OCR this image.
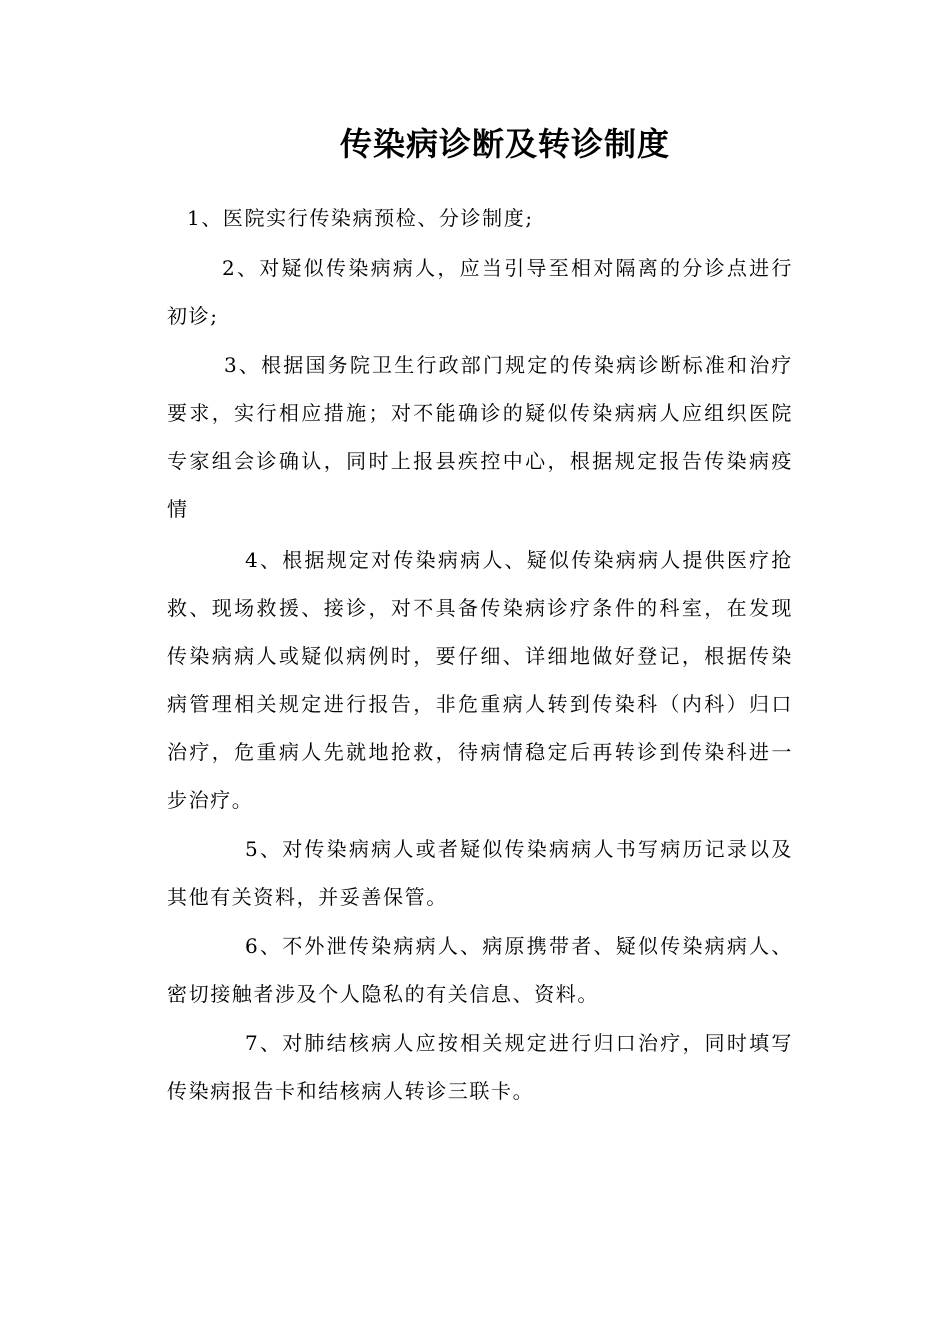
传染病诊断及转诊制度

1、医院实行传染病预检、分诊制度;

2、对疑似传染病病人，应当引导至相对隔离的分诊点进行初诊;

3、根据国务院卫生行政部门规定的传染病诊断标准和治疗要求，实行相应措施；对不能确诊的疑似传染病病人应组织医院专家组会诊确认，同时上报县疾控中心，根据规定报告传染病疫情

4、根据规定对传染病病人、疑似传染病病人提供医疗抢救、现场救援、接诊，对不具备传染病诊疗条件的科室，在发现传染病病人或疑似病例时，要仔细、详细地做好登记，根据传染病管理相关规定进行报告，非危重病人转到传染科（内科）归口治疗，危重病人先就地抢救，待病情稳定后再转诊到传染科进一步治疗。

5、对传染病病人或者疑似传染病病人书写病历记录以及其他有关资料，并妥善保管。

6、不外泄传染病病人、病原携带者、疑似传染病病人、密切接触者涉及个人隐私的有关信息、资料。

7、对肺结核病人应按相关规定进行归口治疗，同时填写传染病报告卡和结核病人转诊三联卡。
